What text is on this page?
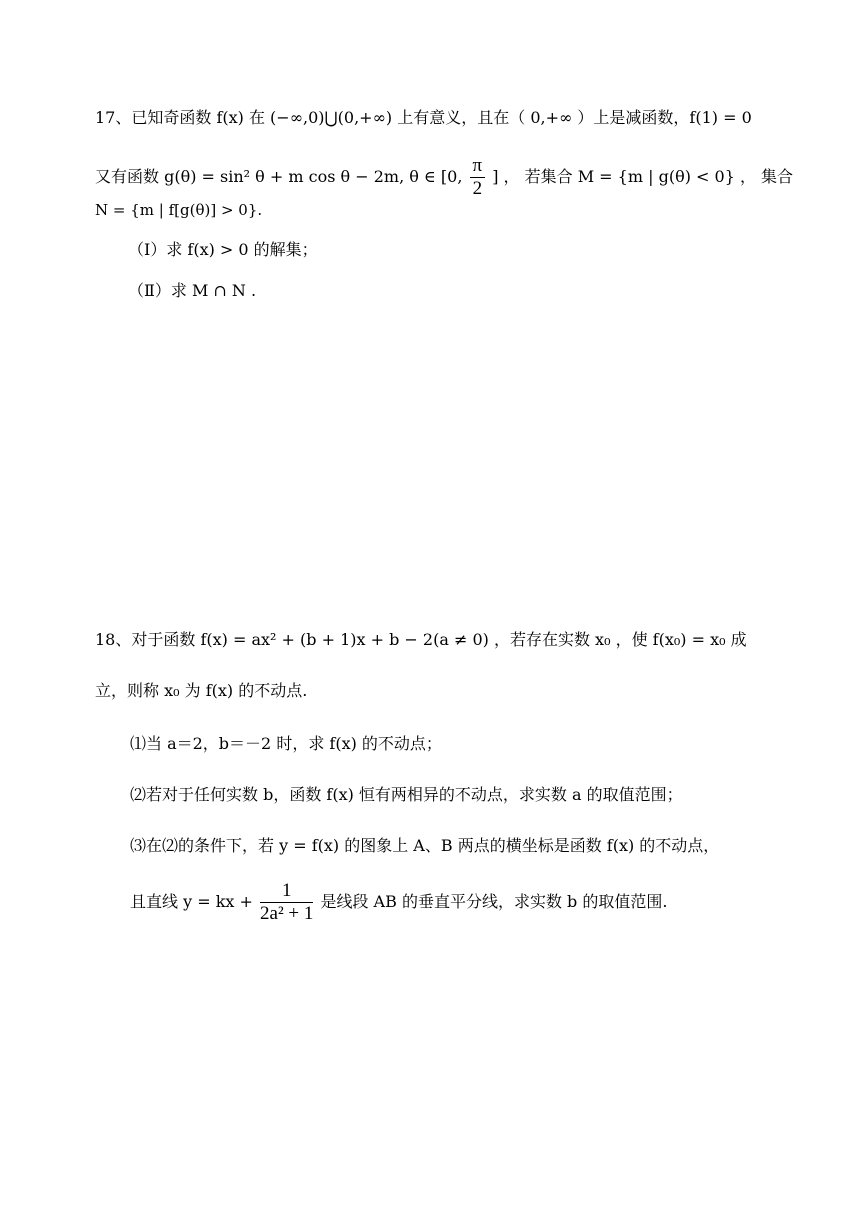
17、已知奇函数 f(x) 在 (−∞,0)⋃(0,+∞) 上有意义，且在（ 0,+∞ ）上是减函数，f(1) = 0
又有函数 g(θ) = sin² θ + m cos θ − 2m, θ ∈ [0, $\frac{\pi}{2}$ ] ， 若集合 M = {m | g(θ) < 0} ， 集合
N = {m | f[g(θ)] > 0}.
（Ⅰ）求 f(x) > 0 的解集；
（Ⅱ）求 M ∩ N .
18、对于函数 f(x) = ax² + (b + 1)x + b − 2(a ≠ 0) ，若存在实数 x₀ ，使 f(x₀) = x₀ 成
立，则称 x₀ 为 f(x) 的不动点.
⑴当 a＝2，b＝－2 时，求 f(x) 的不动点；
⑵若对于任何实数 b，函数 f(x) 恒有两相异的不动点，求实数 a 的取值范围；
⑶在⑵的条件下，若 y = f(x) 的图象上 A、B 两点的横坐标是函数 f(x) 的不动点，
且直线 y = kx + $\frac{1}{\text{2a² + 1}}$ 是线段 AB 的垂直平分线，求实数 b 的取值范围.
